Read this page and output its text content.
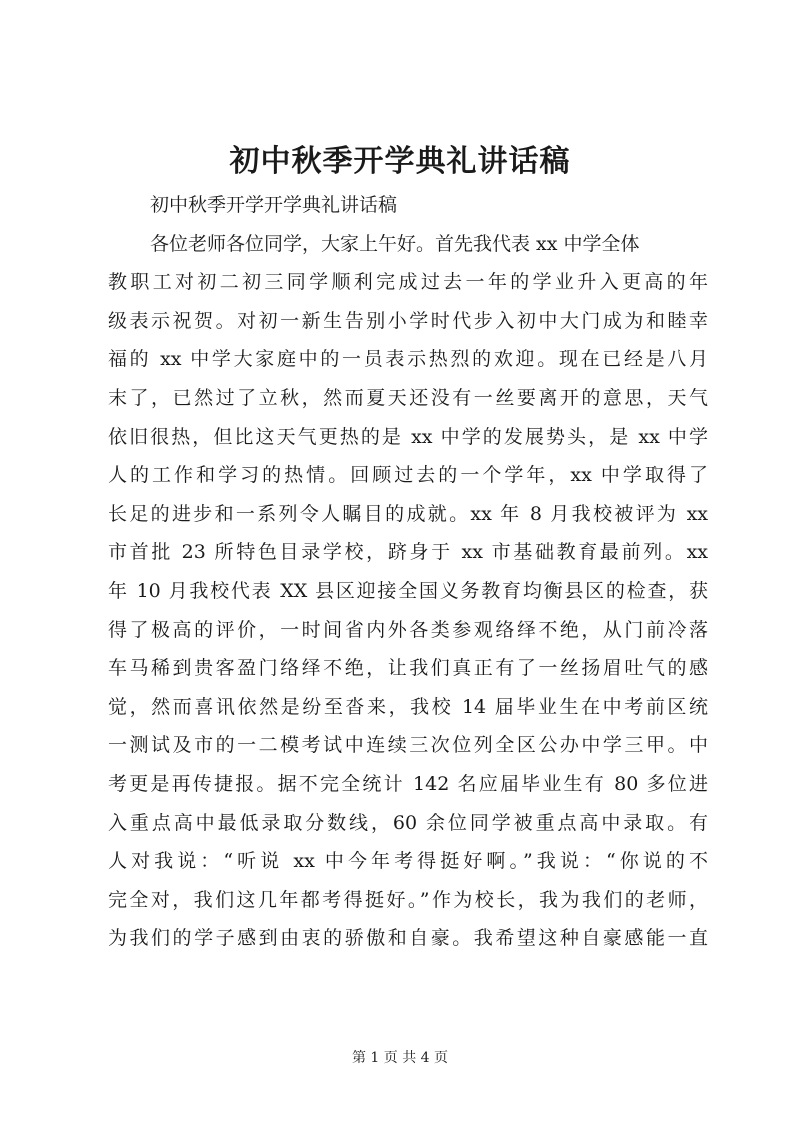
初中秋季开学典礼讲话稿
初中秋季开学开学典礼讲话稿
各位老师各位同学，大家上午好。首先我代表 xx 中学全体
教职工对初二初三同学顺利完成过去一年的学业升入更高的年
级表示祝贺。对初一新生告别小学时代步入初中大门成为和睦幸
福的 xx 中学大家庭中的一员表示热烈的欢迎。现在已经是八月
末了，已然过了立秋，然而夏天还没有一丝要离开的意思，天气
依旧很热，但比这天气更热的是 xx 中学的发展势头，是 xx 中学
人的工作和学习的热情。回顾过去的一个学年，xx 中学取得了
长足的进步和一系列令人瞩目的成就。xx 年 8 月我校被评为 xx
市首批 23 所特色目录学校，跻身于 xx 市基础教育最前列。xx
年 10 月我校代表 XX 县区迎接全国义务教育均衡县区的检查，获
得了极高的评价，一时间省内外各类参观络绎不绝，从门前冷落
车马稀到贵客盈门络绎不绝，让我们真正有了一丝扬眉吐气的感
觉，然而喜讯依然是纷至沓来，我校 14 届毕业生在中考前区统
一测试及市的一二模考试中连续三次位列全区公办中学三甲。中
考更是再传捷报。据不完全统计 142 名应届毕业生有 80 多位进
入重点高中最低录取分数线，60 余位同学被重点高中录取。有
人对我说：“听说 xx 中今年考得挺好啊。”我说：“你说的不
完全对，我们这几年都考得挺好。”作为校长，我为我们的老师，
为我们的学子感到由衷的骄傲和自豪。我希望这种自豪感能一直
第 1 页 共 4 页
